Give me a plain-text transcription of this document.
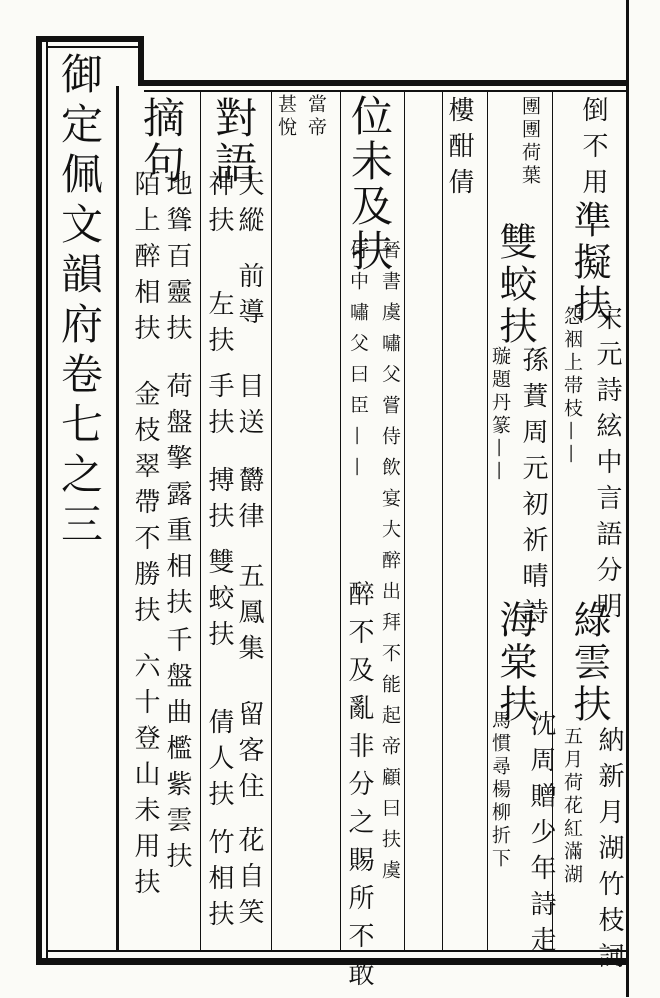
御定佩文韻府卷七之三	倒不用
準擬扶
宋元詩絃中言語分明
綠雲扶
納新月湖竹枝詞
怨裀上帯枝——
五月荷花紅滿湖
圑圑荷葉
雙蛟扶
孫蕡周元初祈晴詩
海棠扶
沈周贈少年詩走
璇題丹篆——
馬慣尋楊柳折下
樓酣倩
位未及扶
晉書虞嘯父嘗侍飲宴大醉出拜不能起帝顧曰扶虞
侍中嘯父曰臣——
醉不及亂非分之賜所不敢
當帝
甚悅
對語
天縱
前導
目送
欝律
五鳳集
留客住
花自笑
神扶
左扶
手扶
搏扶
雙蛟扶
倩人扶
竹相扶
摘句
地聳百靈扶
荷盤擎露重相扶
千盤曲檻紫雲扶
陌上醉相扶
金枝翠帶不勝扶
六十登山未用扶
